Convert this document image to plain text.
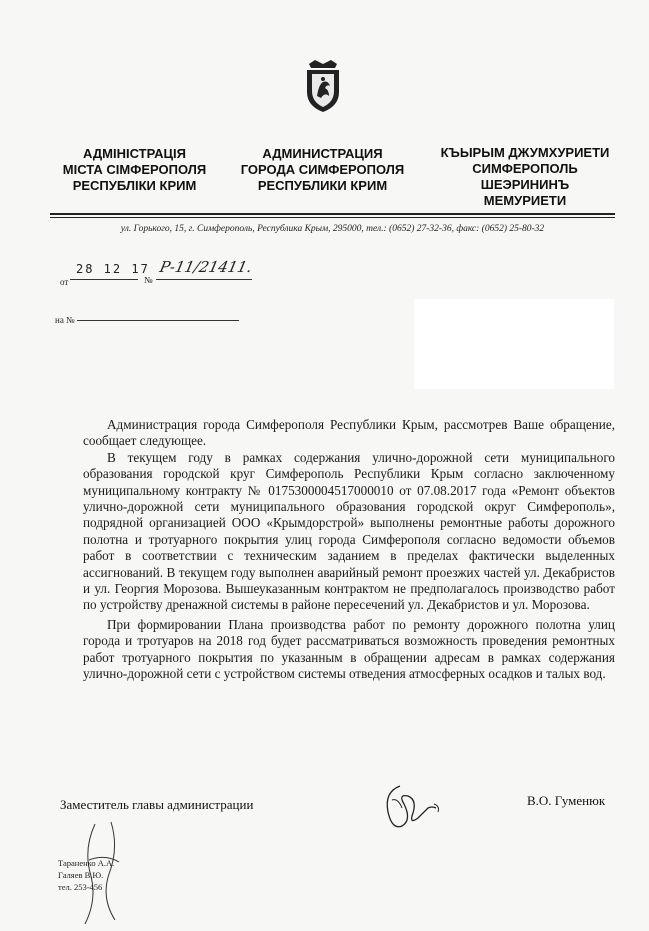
АДМІНІСТРАЦІЯ
МІСТА СІМФЕРОПОЛЯ
РЕСПУБЛІКИ КРИМ
АДМИНИСТРАЦИЯ
ГОРОДА СИМФЕРОПОЛЯ
РЕСПУБЛИКИ КРИМ
КЪЫРЫМ ДЖУМХУРИЕТИ
СИМФЕРОПОЛЬ
ШЕЭРИНИНЪ
МЕМУРИЕТИ
ул. Горького, 15, г. Симферополь, Республика Крым, 295000, тел.: (0652) 27-32-36, факс: (0652) 25-80-32
от
28 12 17
№
Р-11/21411.
на №

Администрация города Симферополя Республики Крым, рассмотрев Ваше обращение, сообщает следующее.

В текущем году в рамках содержания улично-дорожной сети муниципального образования городской круг Симферополь Республики Крым согласно заключенному муниципальному контракту № 0175300004517000010 от 07.08.2017 года «Ремонт объектов улично-дорожной сети муниципального образования городской округ Симферополь», подрядной организацией ООО «Крымдорстрой» выполнены ремонтные работы дорожного полотна и тротуарного покрытия улиц города Симферополя согласно ведомости объемов работ в соответствии с техническим заданием в пределах фактически выделенных ассигнований. В текущем году выполнен аварийный ремонт проезжих частей ул. Декабристов и ул. Георгия Морозова. Вышеуказанным контрактом не предполагалось производство работ по устройству дренажной системы в районе пересечений ул. Декабристов и ул. Морозова.

При формировании Плана производства работ по ремонту дорожного полотна улиц города и тротуаров на 2018 год будет рассматриваться возможность проведения ремонтных работ тротуарного покрытия по указанным в обращении адресам в рамках содержания улично-дорожной сети с устройством системы отведения атмосферных осадков и талых вод.

Заместитель главы администрации	В.О. Гуменюк
Тараненко А.А.
Галяев В.Ю.
тел. 253-456
